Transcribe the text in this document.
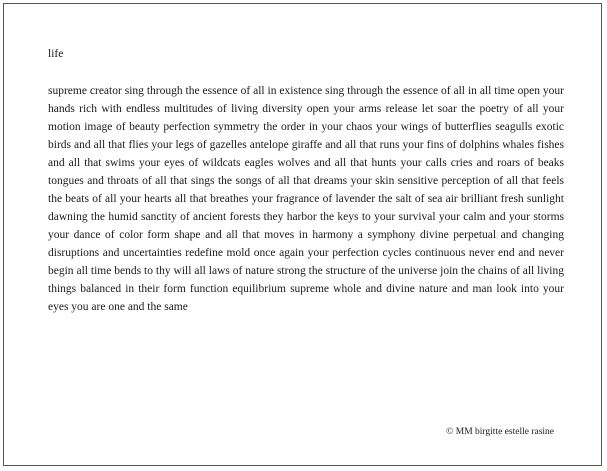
life

supreme creator sing through the essence of all in existence sing through the essence of all in all time open your hands rich with endless multitudes of living diversity open your arms release let soar the poetry of all your motion image of beauty perfection symmetry the order in your chaos your wings of butterflies seagulls exotic birds and all that flies your legs of gazelles antelope giraffe and all that runs your fins of dolphins whales fishes and all that swims your eyes of wildcats eagles wolves and all that hunts your calls cries and roars of beaks tongues and throats of all that sings the songs of all that dreams your skin sensitive perception of all that feels the beats of all your hearts all that breathes your fragrance of lavender the salt of sea air brilliant fresh sunlight dawning the humid sanctity of ancient forests they harbor the keys to your survival your calm and your storms your dance of color form shape and all that moves in harmony a symphony divine perpetual and changing disruptions and uncertainties redefine mold once again your perfection cycles continuous never end and never begin all time bends to thy will all laws of nature strong the structure of the universe join the chains of all living things balanced in their form function equilibrium supreme whole and divine nature and man look into your eyes you are one and the same

© MM birgitte estelle rasine
